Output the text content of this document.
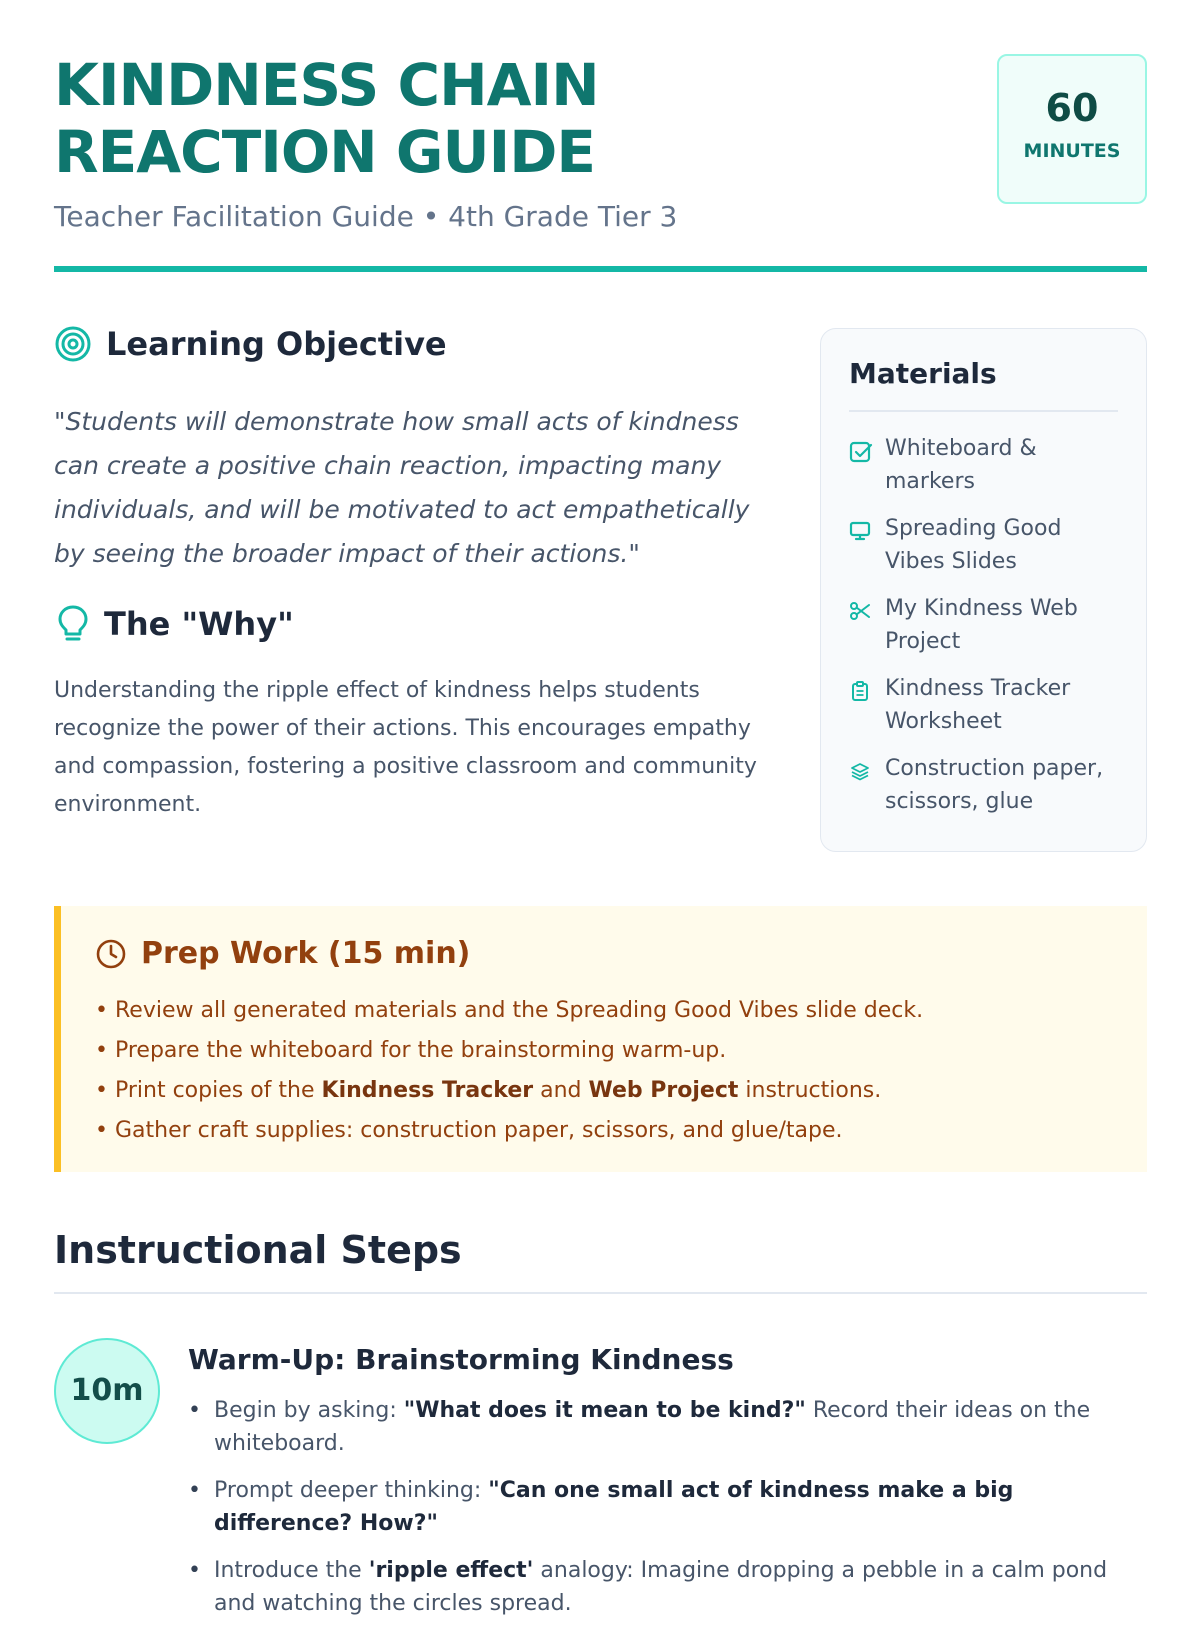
KINDNESS CHAIN REACTION GUIDE
Teacher Facilitation Guide • 4th Grade Tier 3
60
MINUTES
Learning Objective

"Students will demonstrate how small acts of kindness can create a positive chain reaction, impacting many individuals, and will be motivated to act empathetically by seeing the broader impact of their actions."

The "Why"

Understanding the ripple effect of kindness helps students recognize the power of their actions. This encourages empathy and compassion, fostering a positive classroom and community environment.

Materials
Whiteboard & markers
Spreading Good Vibes Slides
My Kindness Web Project
Kindness Tracker Worksheet
Construction paper, scissors, glue
Prep Work (15 min)
• Review all generated materials and the Spreading Good Vibes slide deck.
• Prepare the whiteboard for the brainstorming warm-up.
• Print copies of the Kindness Tracker and Web Project instructions.
• Gather craft supplies: construction paper, scissors, and glue/tape.
Instructional Steps
10m
Warm-Up: Brainstorming Kindness
• Begin by asking: "What does it mean to be kind?" Record their ideas on the whiteboard.
• Prompt deeper thinking: "Can one small act of kindness make a big difference? How?"
• Introduce the 'ripple effect' analogy: Imagine dropping a pebble in a calm pond and watching the circles spread.
